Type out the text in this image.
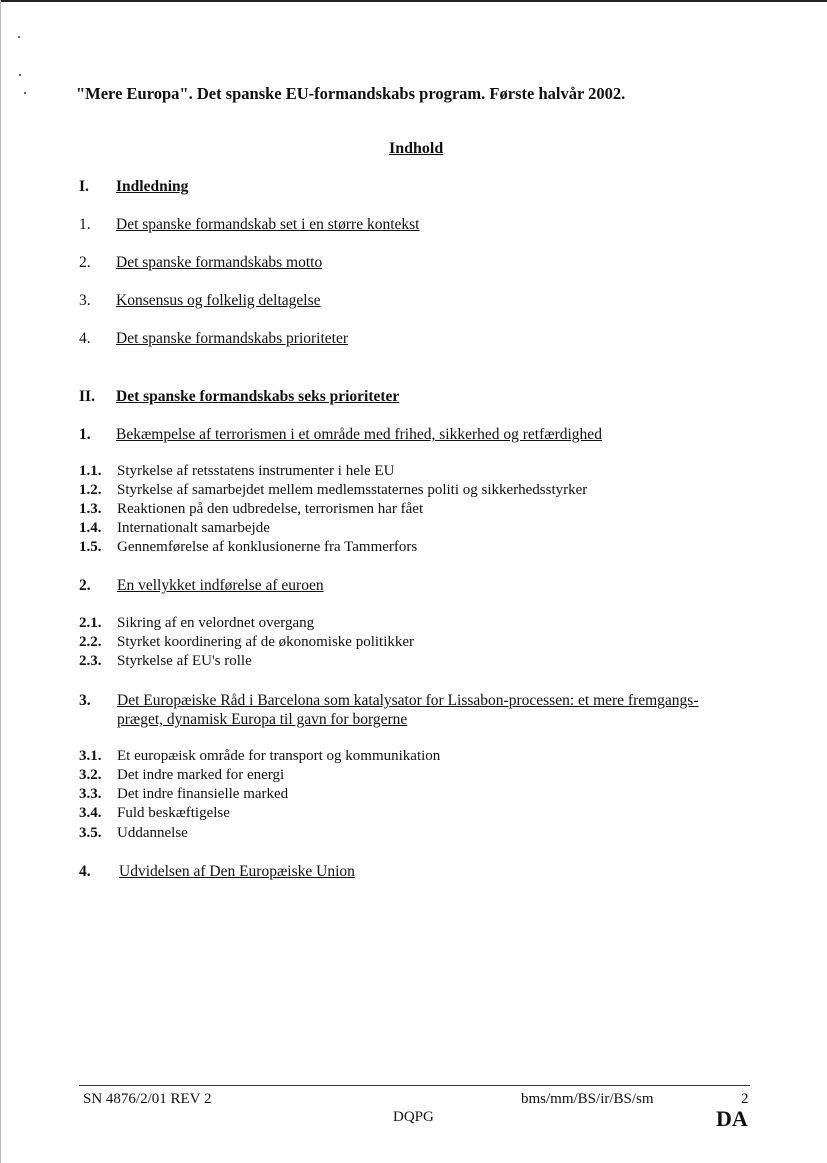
"Mere Europa". Det spanske EU-formandskabs program. Første halvår 2002.
Indhold
I. Indledning
1. Det spanske formandskab set i en større kontekst
2. Det spanske formandskabs motto
3. Konsensus og folkelig deltagelse
4. Det spanske formandskabs prioriteter
II. Det spanske formandskabs seks prioriteter
1. Bekæmpelse af terrorismen i et område med frihed, sikkerhed og retfærdighed
1.1. Styrkelse af retsstatens instrumenter i hele EU
1.2. Styrkelse af samarbejdet mellem medlemsstaternes politi og sikkerhedsstyrker
1.3. Reaktionen på den udbredelse, terrorismen har fået
1.4. Internationalt samarbejde
1.5. Gennemførelse af konklusionerne fra Tammerfors
2. En vellykket indførelse af euroen
2.1. Sikring af en velordnet overgang
2.2. Styrket koordinering af de økonomiske politikker
2.3. Styrkelse af EU's rolle
3. Det Europæiske Råd i Barcelona som katalysator for Lissabon-processen: et mere fremgangs-
præget, dynamisk Europa til gavn for borgerne
3.1. Et europæisk område for transport og kommunikation
3.2. Det indre marked for energi
3.3. Det indre finansielle marked
3.4. Fuld beskæftigelse
3.5. Uddannelse
4. Udvidelsen af Den Europæiske Union
SN 4876/2/01 REV 2	bms/mm/BS/ir/BS/sm	2
DQPG	DA
